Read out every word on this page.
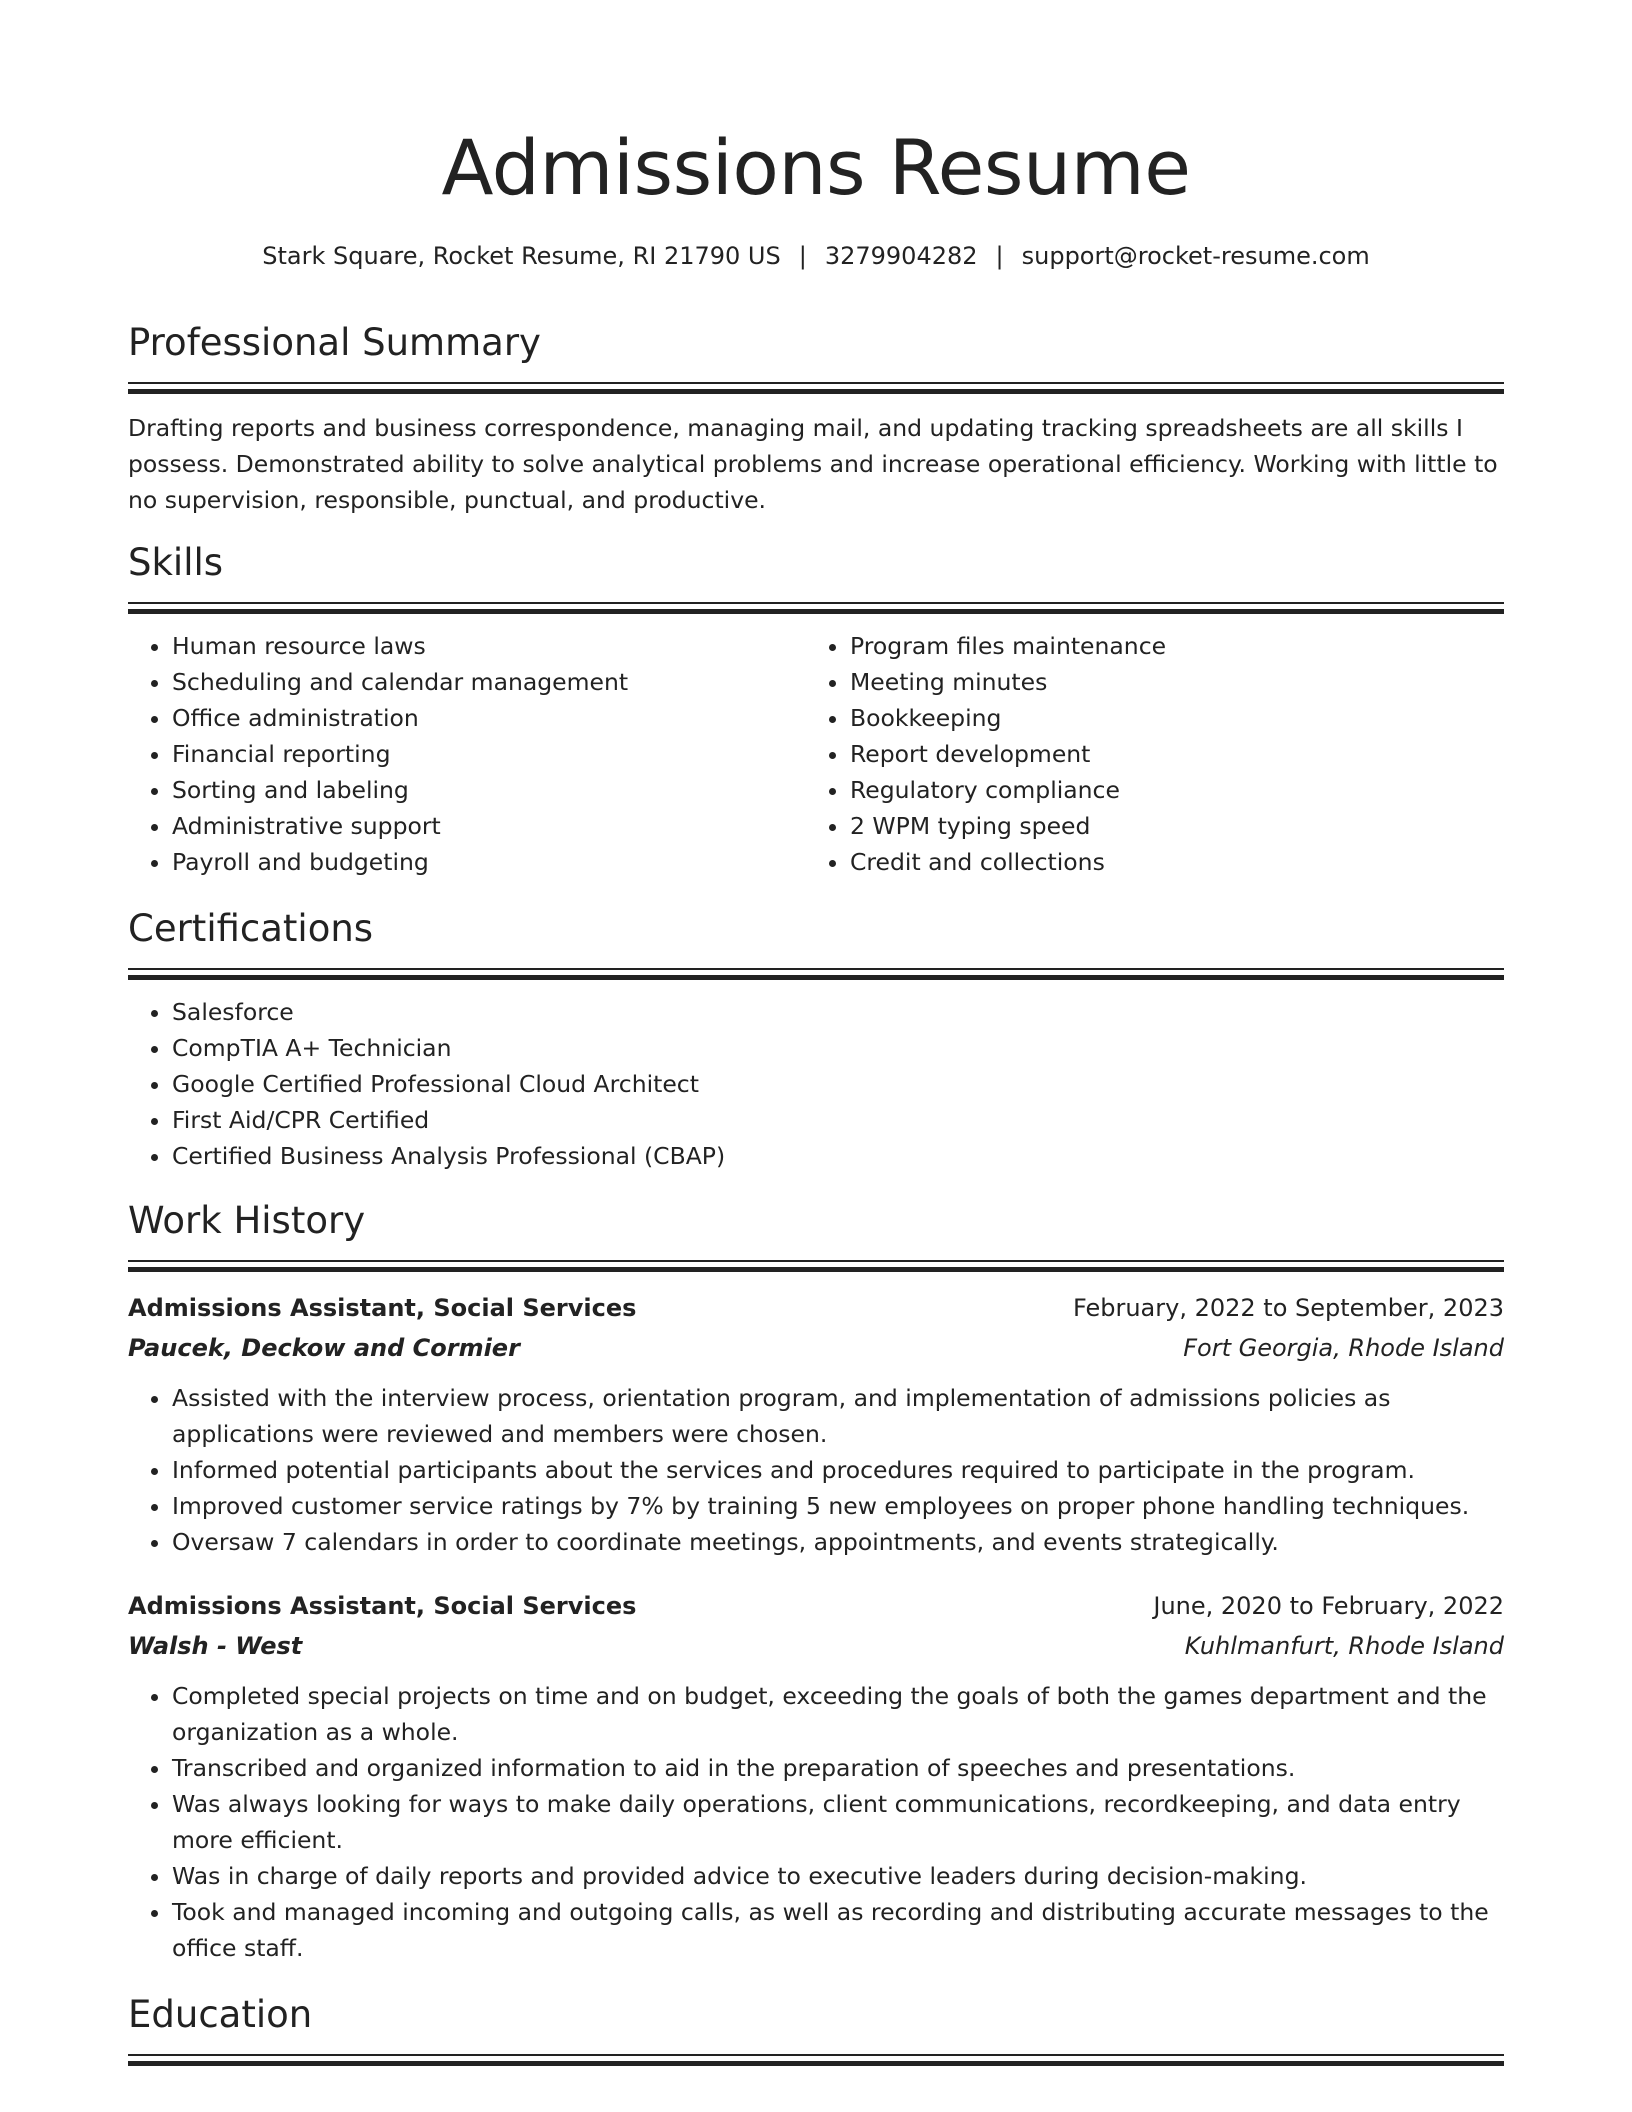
Admissions Resume
Stark Square, Rocket Resume, RI 21790 US | 3279904282 | support@rocket-resume.com
Professional Summary
Drafting reports and business correspondence, managing mail, and updating tracking spreadsheets are all skills I possess. Demonstrated ability to solve analytical problems and increase operational efficiency. Working with little to no supervision, responsible, punctual, and productive.
Skills
• Human resource laws
• Scheduling and calendar management
• Office administration
• Financial reporting
• Sorting and labeling
• Administrative support
• Payroll and budgeting
• Program files maintenance
• Meeting minutes
• Bookkeeping
• Report development
• Regulatory compliance
• 2 WPM typing speed
• Credit and collections
Certifications
• Salesforce
• CompTIA A+ Technician
• Google Certified Professional Cloud Architect
• First Aid/CPR Certified
• Certified Business Analysis Professional (CBAP)
Work History
Admissions Assistant, Social Services	February, 2022 to September, 2023
Paucek, Deckow and Cormier	Fort Georgia, Rhode Island
• Assisted with the interview process, orientation program, and implementation of admissions policies as applications were reviewed and members were chosen.
• Informed potential participants about the services and procedures required to participate in the program.
• Improved customer service ratings by 7% by training 5 new employees on proper phone handling techniques.
• Oversaw 7 calendars in order to coordinate meetings, appointments, and events strategically.
Admissions Assistant, Social Services	June, 2020 to February, 2022
Walsh - West	Kuhlmanfurt, Rhode Island
• Completed special projects on time and on budget, exceeding the goals of both the games department and the organization as a whole.
• Transcribed and organized information to aid in the preparation of speeches and presentations.
• Was always looking for ways to make daily operations, client communications, recordkeeping, and data entry more efficient.
• Was in charge of daily reports and provided advice to executive leaders during decision-making.
• Took and managed incoming and outgoing calls, as well as recording and distributing accurate messages to the office staff.
Education
